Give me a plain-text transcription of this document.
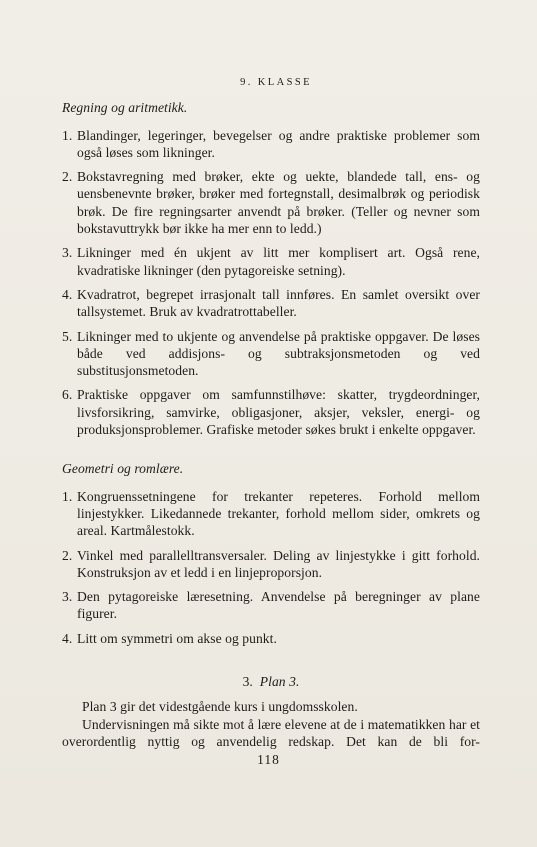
9. KLASSE
Regning og aritmetikk.
1. Blandinger, legeringer, bevegelser og andre praktiske problemer som også løses som likninger.
2. Bokstavregning med brøker, ekte og uekte, blandede tall, ens- og uensbenevnte brøker, brøker med fortegnstall, desimalbrøk og periodisk brøk. De fire regningsarter anvendt på brøker. (Teller og nevner som bokstavuttrykk bør ikke ha mer enn to ledd.)
3. Likninger med én ukjent av litt mer komplisert art. Også rene, kvadratiske likninger (den pytagoreiske setning).
4. Kvadratrot, begrepet irrasjonalt tall innføres. En samlet oversikt over tallsystemet. Bruk av kvadratrottabeller.
5. Likninger med to ukjente og anvendelse på praktiske oppgaver. De løses både ved addisjons- og subtraksjonsmetoden og ved substitusjonsmetoden.
6. Praktiske oppgaver om samfunnstilhøve: skatter, trygdeordninger, livsforsikring, samvirke, obligasjoner, aksjer, veksler, energi- og produksjonsproblemer. Grafiske metoder søkes brukt i enkelte oppgaver.
Geometri og romlære.
1. Kongruenssetningene for trekanter repeteres. Forhold mellom linjestykker. Likedannede trekanter, forhold mellom sider, omkrets og areal. Kartmålestokk.
2. Vinkel med parallelltransversaler. Deling av linjestykke i gitt forhold. Konstruksjon av et ledd i en linjeproporsjon.
3. Den pytagoreiske læresetning. Anvendelse på beregninger av plane figurer.
4. Litt om symmetri om akse og punkt.
3. Plan 3.

Plan 3 gir det videstgående kurs i ungdomsskolen.

Undervisningen må sikte mot å lære elevene at de i matematikken har et overordentlig nyttig og anvendelig redskap. Det kan de bli for-

118
